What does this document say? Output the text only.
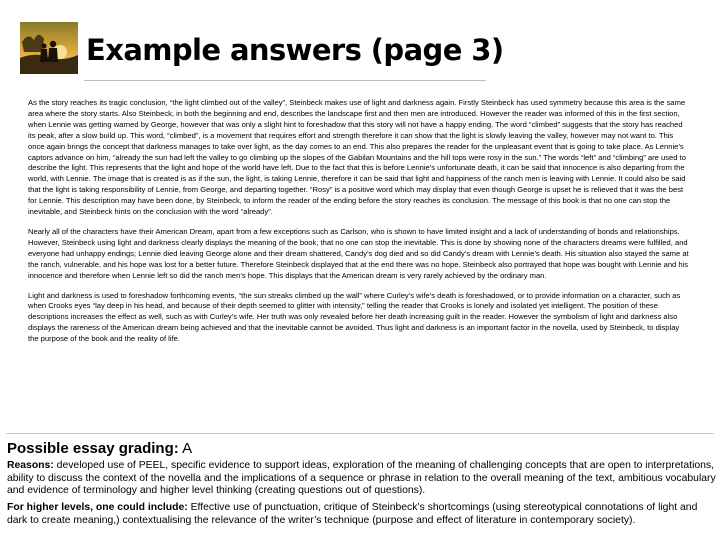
Example answers (page 3)

As the story reaches its tragic conclusion, “the light climbed out of the valley”, Steinbeck makes use of light and darkness again. Firstly Steinbeck has used symmetry because this area is the same area where the story starts. Also Steinbeck, in both the beginning and end, describes the landscape first and then men are introduced. However the reader was informed of this in the first section, when Lennie was getting warned by George, however that was only a slight hint to foreshadow that this story will not have a happy ending. The word “climbed” suggests that the story has reached its peak, after a slow build up. This word, “climbed”, is a movement that requires effort and strength therefore it can show that the light is slowly leaving the valley, however may not want to. This once again brings the concept that darkness manages to take over light, as the day comes to an end. This also prepares the reader for the unpleasant event that is going to take place. As Lennie’s captors advance on him, “already the sun had left the valley to go climbing up the slopes of the Gabilan Mountains and the hill tops were rosy in the sun.” The words “left” and “climbing” are used to describe the light. This represents that the light and hope of the world have left. Due to the fact that this is before Lennie’s unfortunate death, it can be said that innocence is also departing from the world, with Lennie. The image that is created is as if the sun, the light, is taking Lennie, therefore it can be said that light and happiness of the ranch men is leaving with Lennie. It could also be said that the light is taking responsibility of Lennie, from George, and departing together. “Rosy” is a positive word which may display that even though George is upset he is relieved that it was the best for Lennie. This description may have been done, by Steinbeck, to inform the reader of the ending before the story reaches its conclusion. The message of this book is that no one can stop the inevitable, and Steinbeck hints on the conclusion with the word “already”.

Nearly all of the characters have their American Dream, apart from a few exceptions such as Carlson, who is shown to have limited insight and a lack of understanding of bonds and relationships. However, Steinbeck using light and darkness clearly displays the meaning of the book, that no one can stop the inevitable. This is done by showing none of the characters dreams were fulfilled, and everyone had unhappy endings; Lennie died leaving George alone and their dream shattered, Candy’s dog died and so did Candy’s dream with Lennie’s death. His situation also stayed the same at the ranch, vulnerable, and his hope was lost for a better future. Therefore Steinbeck displayed that at the end there was no hope. Steinbeck also portrayed that hope was bought with Lennie and his innocence and therefore when Lennie left so did the ranch men’s hope. This displays that the American dream is very rarely achieved by the ordinary man.

Light and darkness is used to foreshadow forthcoming events, “the sun streaks climbed up the wall” where Curley’s wife’s death is foreshadowed, or to provide information on a character, such as when Crooks eyes “lay deep in his head, and because of their depth seemed to glitter with intensity,” telling the reader that Crooks is lonely and isolated yet intelligent. The position of these descriptions increases the effect as well, such as with Curley’s wife. Her truth was only revealed before her death increasing guilt in the reader. However the symbolism of light and darkness also displays the rareness of the American dream being achieved and that the inevitable cannot be avoided. Thus light and darkness is an important factor in the novella, used by Steinbeck, to display the purpose of the book and the reality of life.

Possible essay grading: A

Reasons: developed use of PEEL, specific evidence to support ideas, exploration of the meaning of challenging concepts that are open to interpretations, ability to discuss the context of the novella and the implications of a sequence or phrase in relation to the overall meaning of the text, ambitious vocabulary and evidence of terminology and higher level thinking (creating questions out of questions).

For higher levels, one could include: Effective use of punctuation, critique of Steinbeck’s shortcomings (using stereotypical connotations of light and dark to create meaning,) contextualising the relevance of the writer’s technique (purpose and effect of literature in contemporary society).
